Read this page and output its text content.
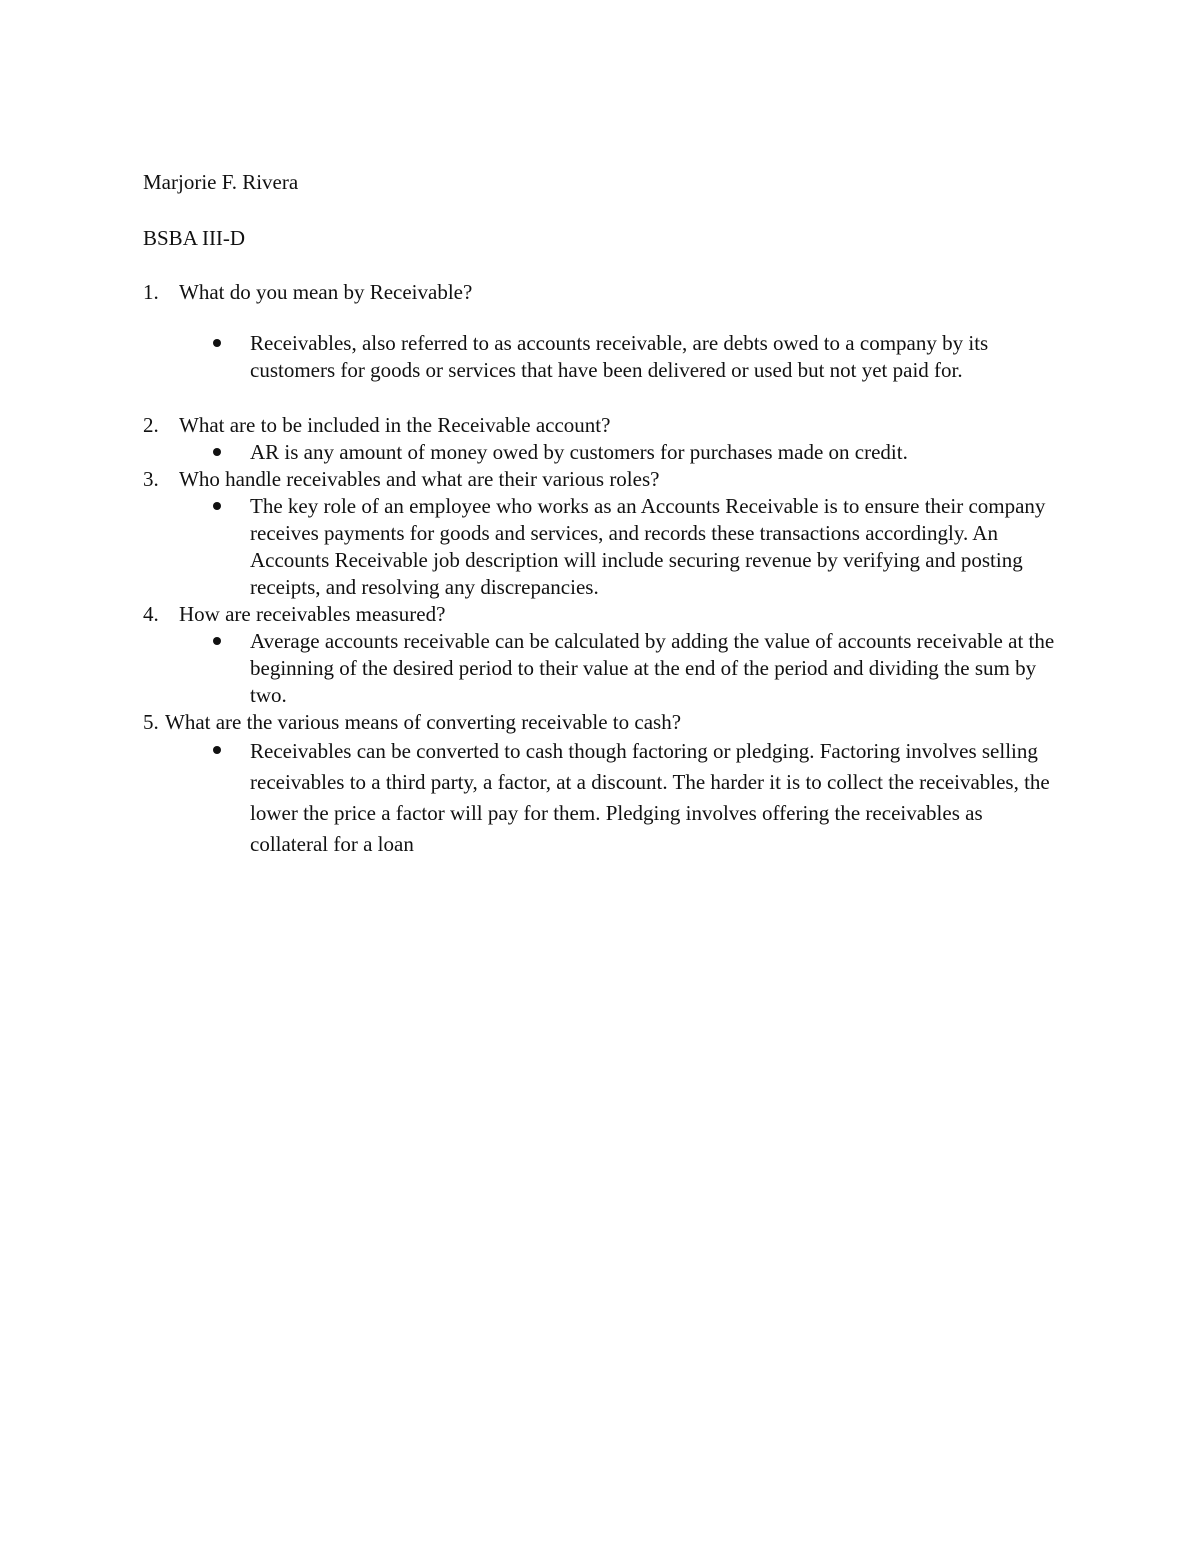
Marjorie F. Rivera
BSBA III-D
1. What do you mean by Receivable?
Receivables, also referred to as accounts receivable, are debts owed to a company by its customers for goods or services that have been delivered or used but not yet paid for.
2. What are to be included in the Receivable account?
AR is any amount of money owed by customers for purchases made on credit.
3. Who handle receivables and what are their various roles?
The key role of an employee who works as an Accounts Receivable is to ensure their company receives payments for goods and services, and records these transactions accordingly. An Accounts Receivable job description will include securing revenue by verifying and posting receipts, and resolving any discrepancies.
4. How are receivables measured?
Average accounts receivable can be calculated by adding the value of accounts receivable at the beginning of the desired period to their value at the end of the period and dividing the sum by two.
5. What are the various means of converting receivable to cash?
Receivables can be converted to cash though factoring or pledging. Factoring involves selling receivables to a third party, a factor, at a discount. The harder it is to collect the receivables, the lower the price a factor will pay for them. Pledging involves offering the receivables as collateral for a loan
